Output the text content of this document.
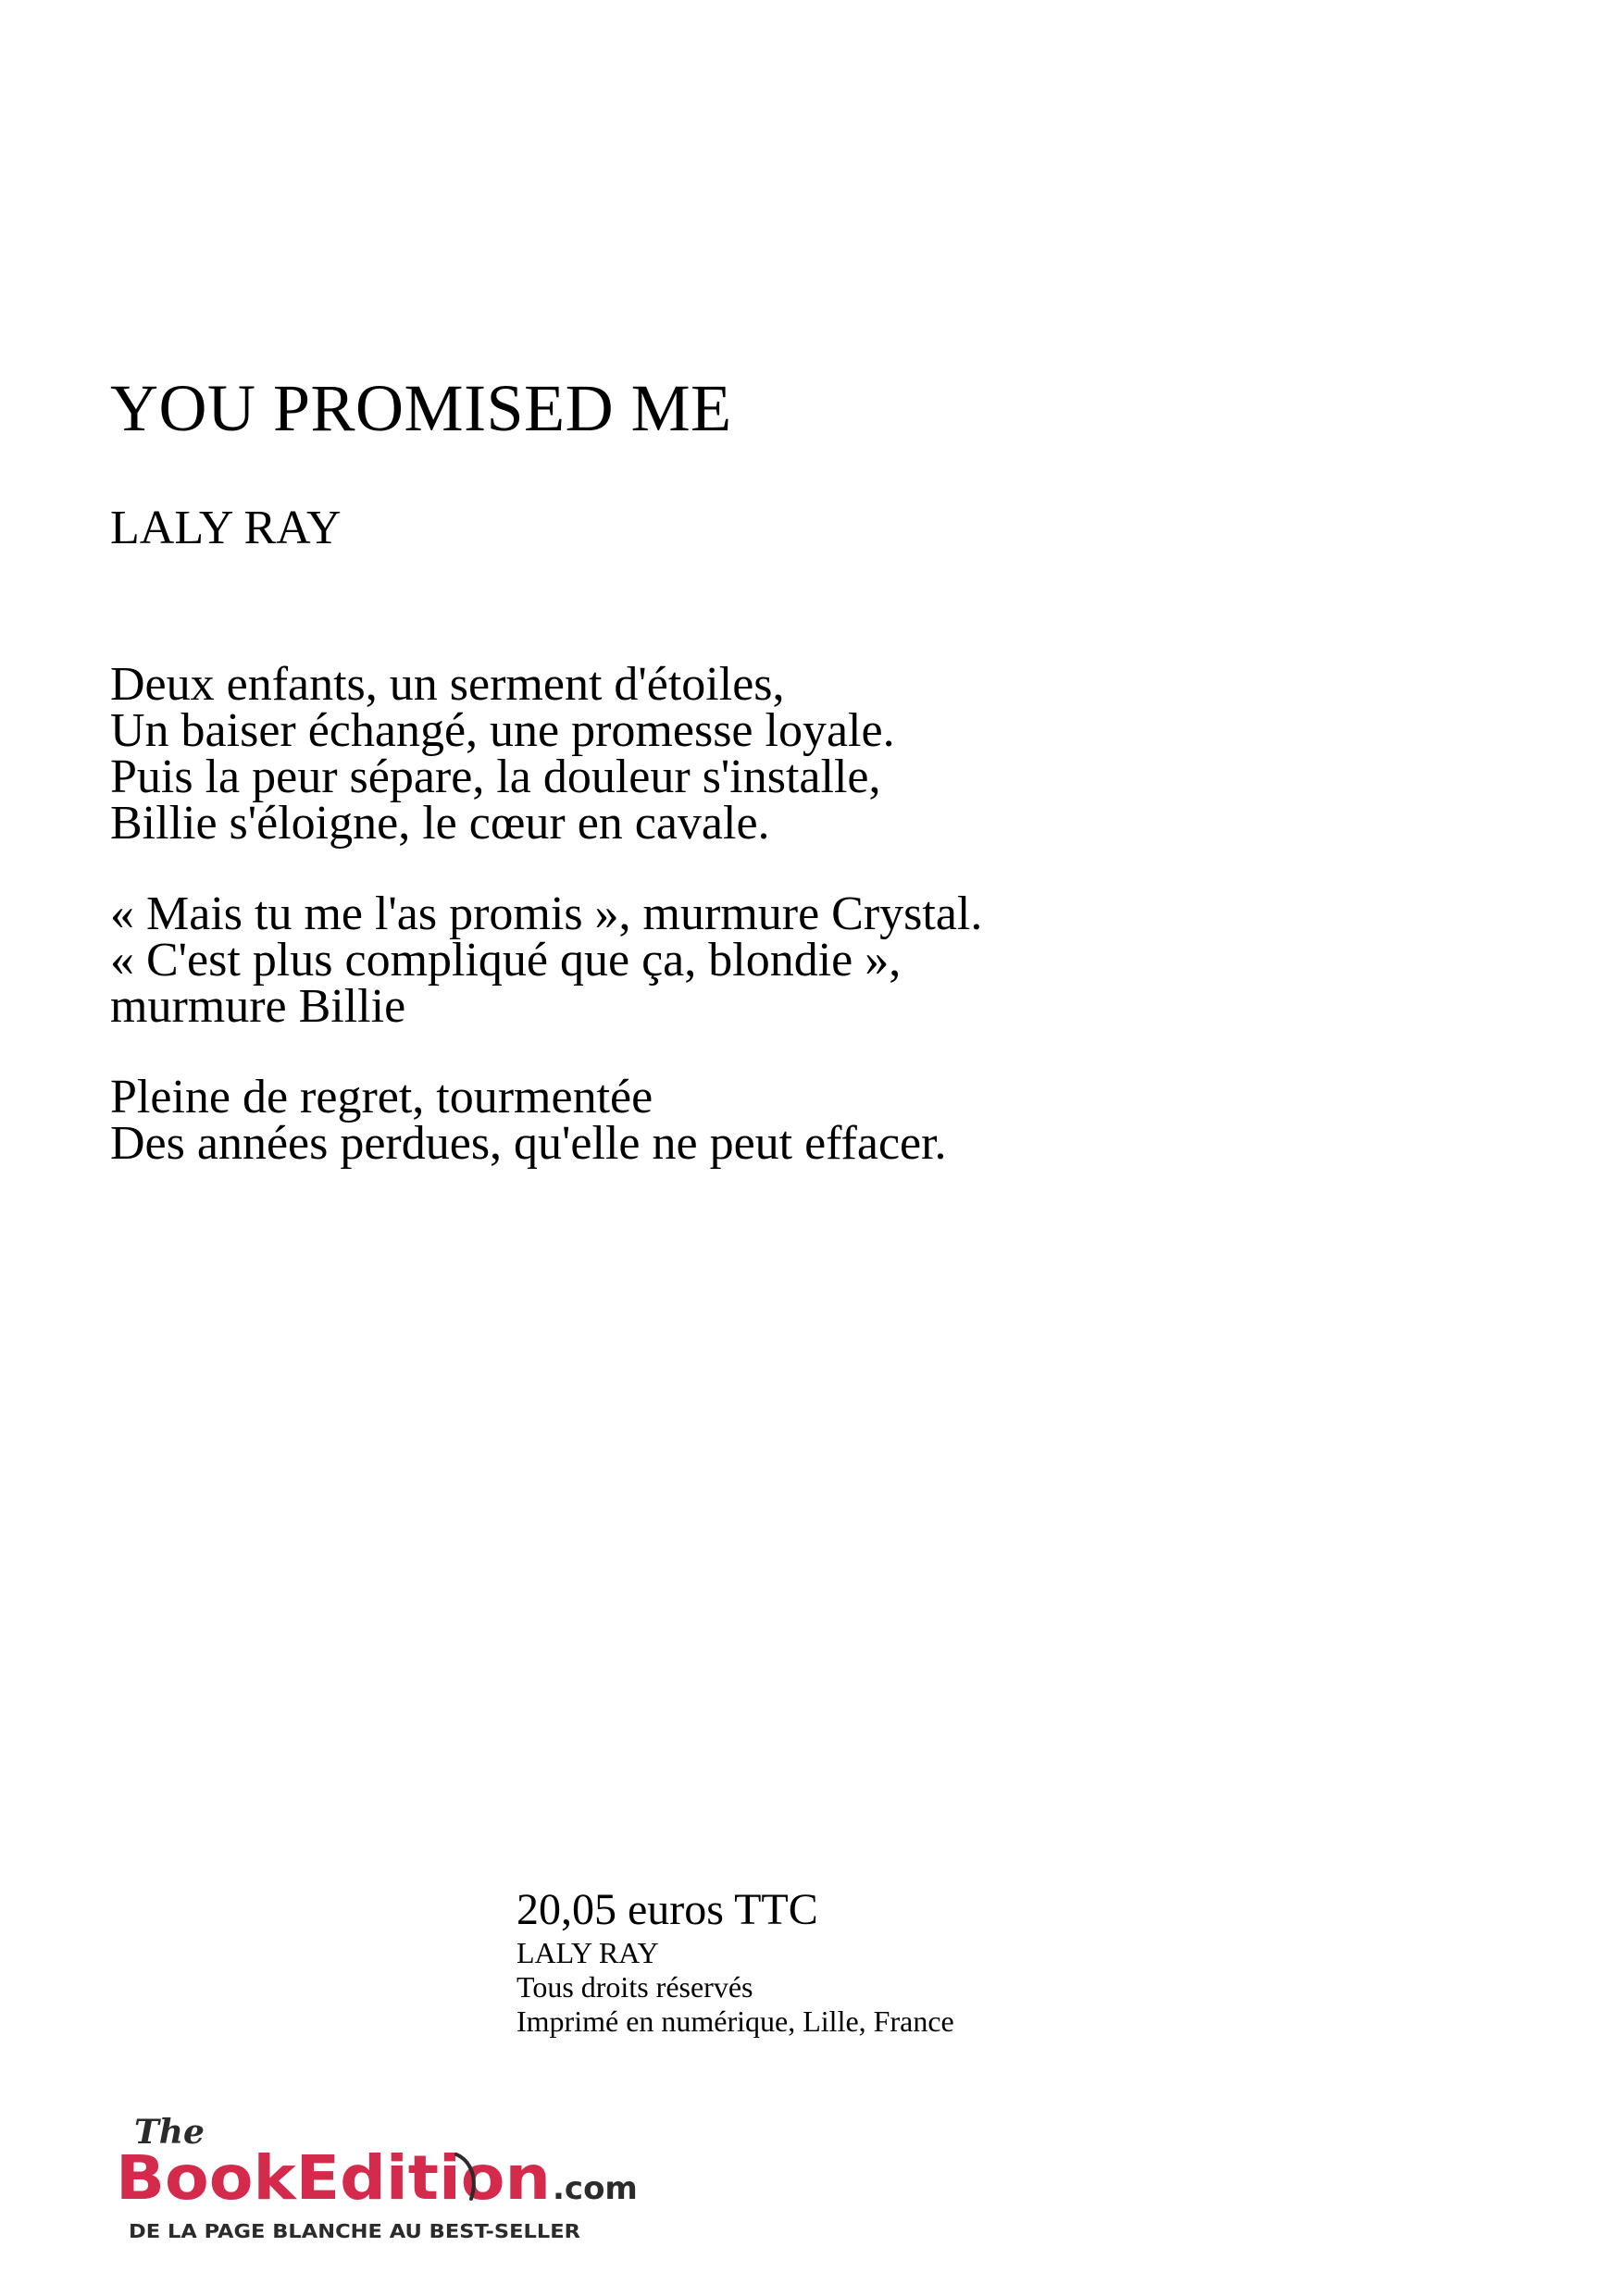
YOU PROMISED ME
LALY RAY

Deux enfants, un serment d'étoiles,
Un baiser échangé, une promesse loyale.
Puis la peur sépare, la douleur s'installe,
Billie s'éloigne, le cœur en cavale.

« Mais tu me l'as promis », murmure Crystal.
« C'est plus compliqué que ça, blondie »,
murmure Billie

Pleine de regret, tourmentée
Des années perdues, qu'elle ne peut effacer.

20,05 euros TTC
LALY RAY
Tous droits réservés
Imprimé en numérique, Lille, France
The
BookEdition .com
DE LA PAGE BLANCHE AU BEST-SELLER
